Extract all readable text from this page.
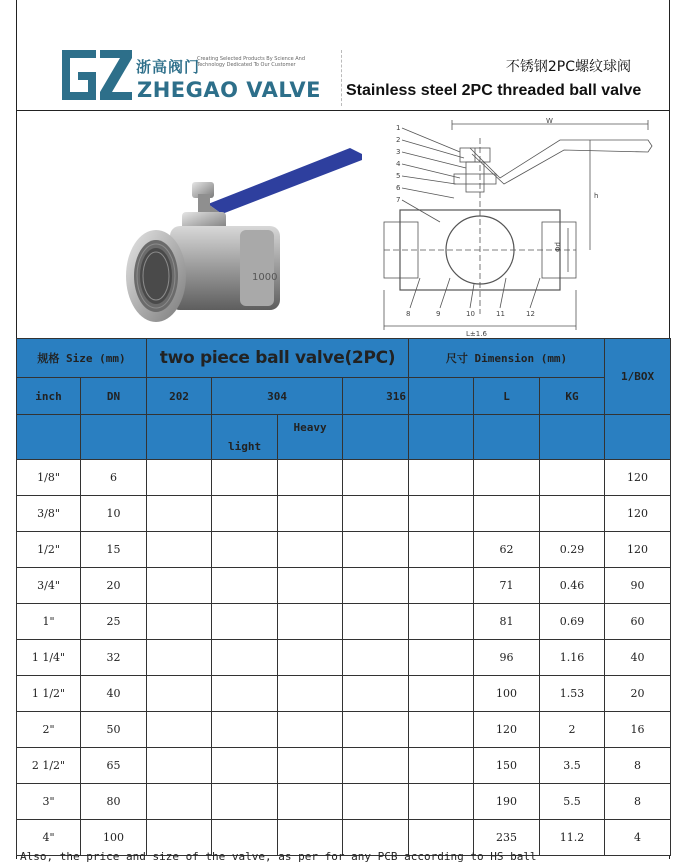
浙高阀门
Creating Selected Products By Science And Technology Dedicated To Our Customer
ZHEGAO VALVE
不锈钢2PC螺纹球阀
Stainless steel 2PC threaded ball valve
1000
1
2
3
4
5
6
7
8	9	10	11	12
W
h
Φd
L±1.6
规格 Size (mm)		two piece ball valve(2PC)				尺寸 Dimension (mm)			1/BOX
inch	DN	202	304		316		L	KG	
			light	Heavy					
1/8"	6								120
3/8"	10								120
1/2"	15						62	0.29	120
3/4"	20						71	0.46	90
1"	25						81	0.69	60
1 1/4"	32						96	1.16	40
1 1/2"	40						100	1.53	20
2"	50						120	2	16
2 1/2"	65						150	3.5	8
3"	80						190	5.5	8
4"	100						235	11.2	4
Also, the price and size of the valve, as per for any PCB according to HS ball
